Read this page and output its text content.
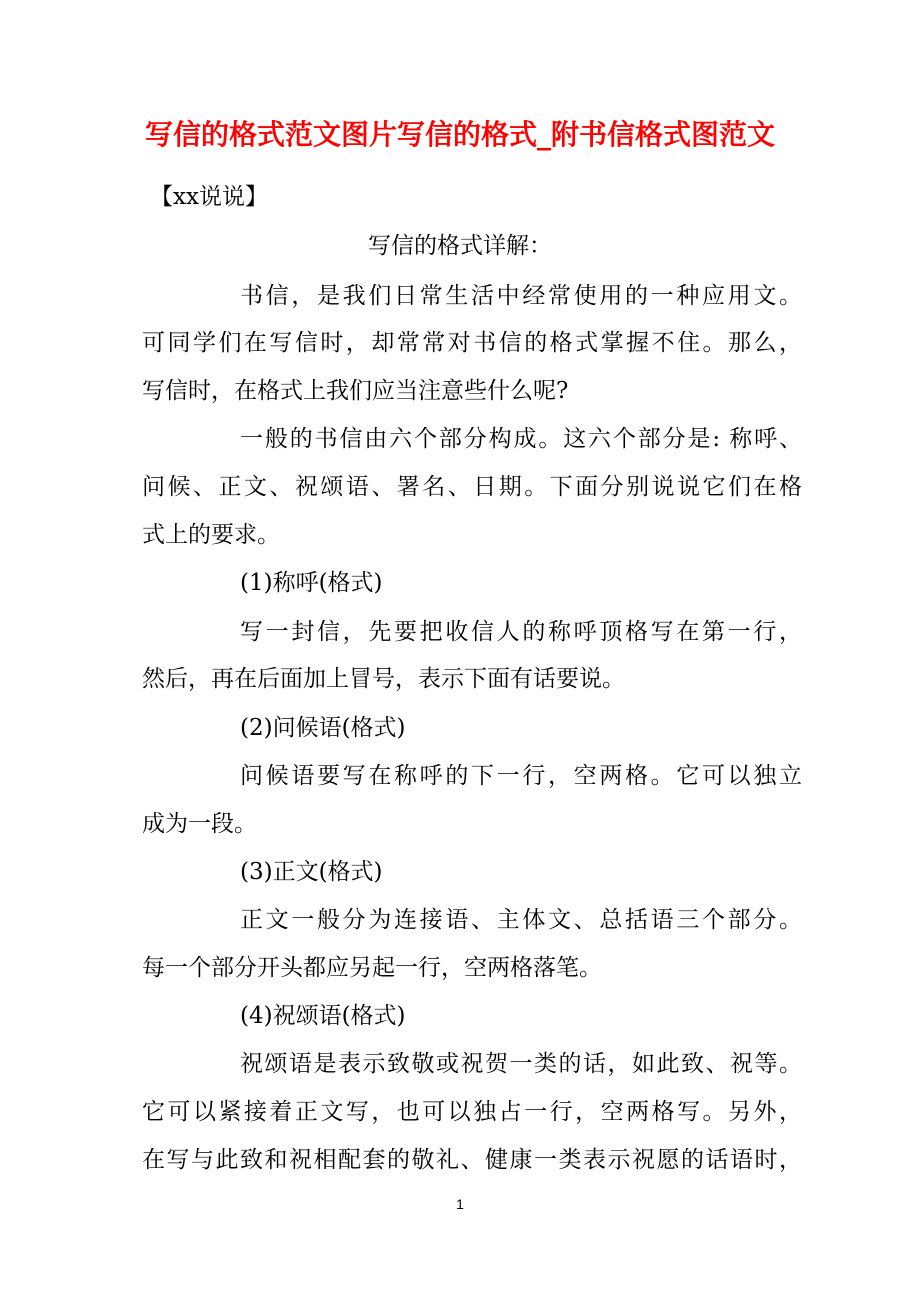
写信的格式范文图片写信的格式_附书信格式图范文

【xx说说】

写信的格式详解：

书信，是我们日常生活中经常使用的一种应用文。

可同学们在写信时，却常常对书信的格式掌握不住。那么，

写信时，在格式上我们应当注意些什么呢?

一般的书信由六个部分构成。这六个部分是: 称呼、

问候、正文、祝颂语、署名、日期。下面分别说说它们在格

式上的要求。

(1)称呼(格式)

写一封信，先要把收信人的称呼顶格写在第一行，

然后，再在后面加上冒号，表示下面有话要说。

(2)问候语(格式)

问候语要写在称呼的下一行，空两格。它可以独立

成为一段。

(3)正文(格式)

正文一般分为连接语、主体文、总括语三个部分。

每一个部分开头都应另起一行，空两格落笔。

(4)祝颂语(格式)

祝颂语是表示致敬或祝贺一类的话，如此致、祝等。

它可以紧接着正文写，也可以独占一行，空两格写。另外，

在写与此致和祝相配套的敬礼、健康一类表示祝愿的话语时，

1
